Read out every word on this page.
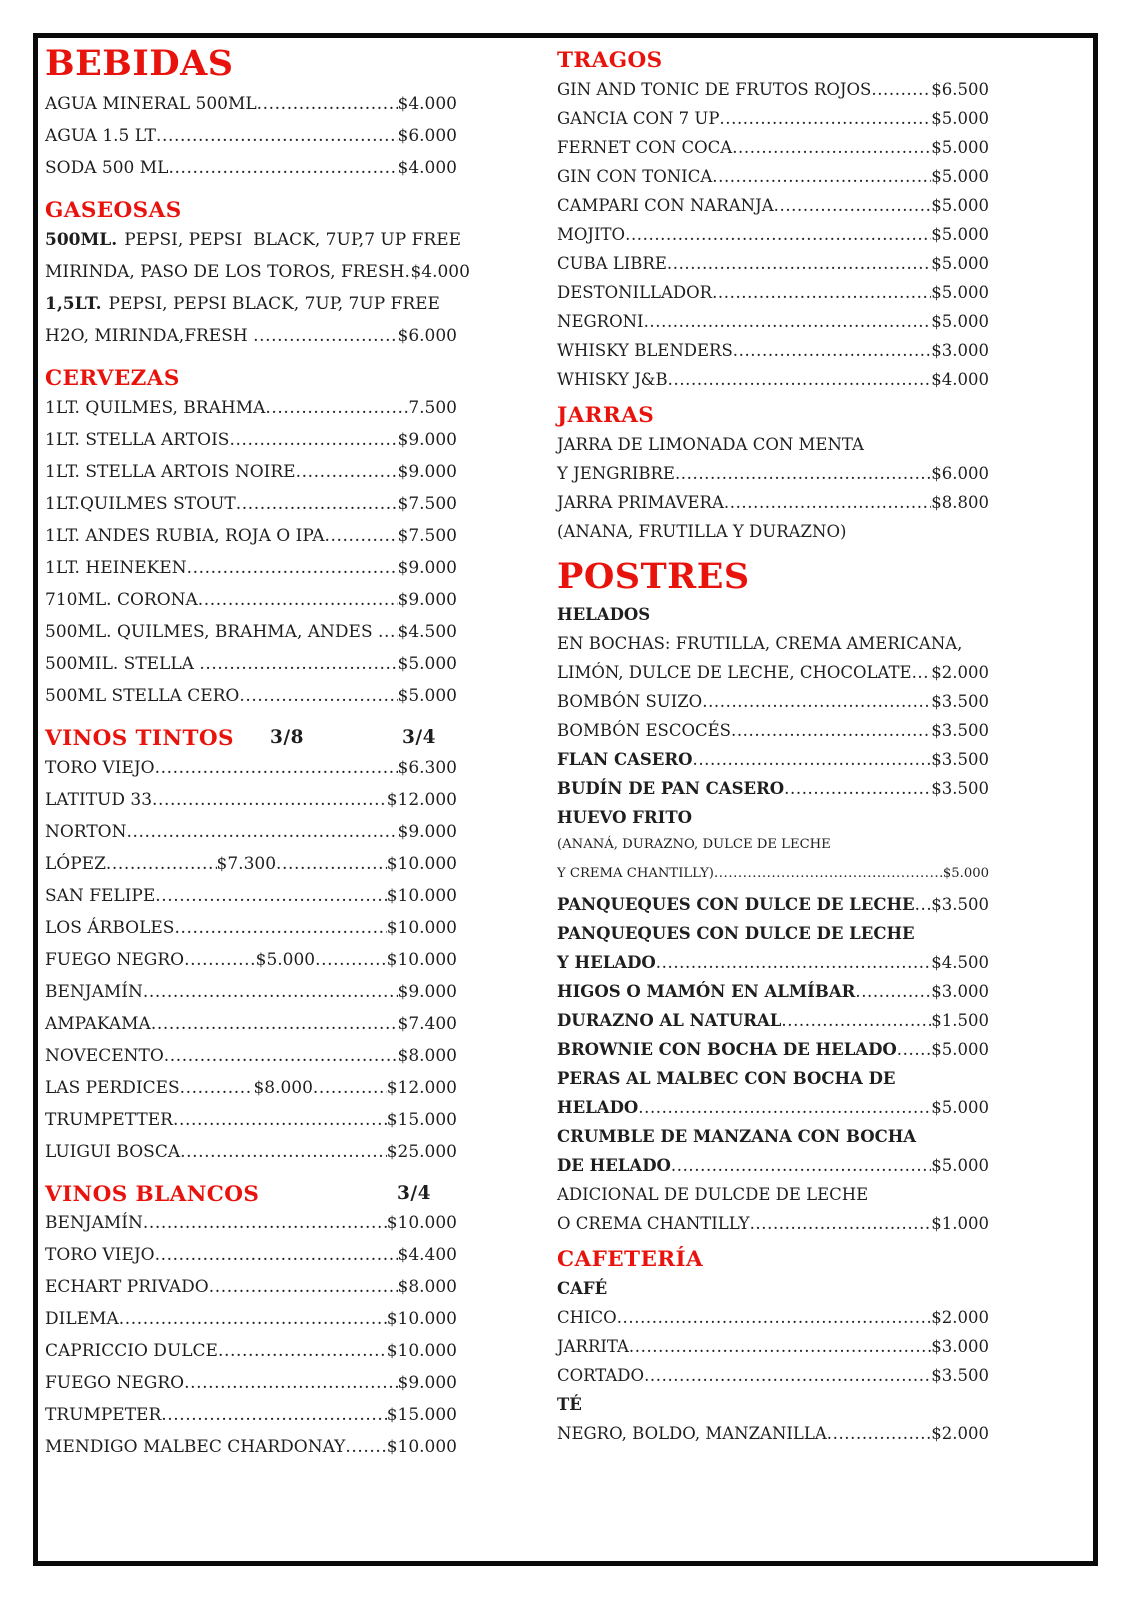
BEBIDAS
AGUA MINERAL 500ML .....	$4.000
AGUA 1.5 LT .....	$6.000
SODA 500 ML .....	$4.000
GASEOSAS
500ML. PEPSI, PEPSI  BLACK, 7UP,7 UP FREE
MIRINDA, PASO DE LOS TOROS, FRESH ..... $4.000
1,5LT. PEPSI, PEPSI BLACK, 7UP, 7UP FREE
H2O, MIRINDA,FRESH .....	$6.000
CERVEZAS
1LT. QUILMES, BRAHMA .....	7.500
1LT. STELLA ARTOIS .....	$9.000
1LT. STELLA ARTOIS NOIRE .....	$9.000
1LT.QUILMES STOUT .....	$7.500
1LT. ANDES RUBIA, ROJA O IPA .....	$7.500
1LT. HEINEKEN .....	$9.000
710ML. CORONA .....	$9.000
500ML. QUILMES, BRAHMA, ANDES ..... $4.500
500MIL. STELLA .....	$5.000
500ML STELLA CERO .....	$5.000
VINOS TINTOS 3/8	3/4
TORO VIEJO .....	$6.300
LATITUD 33 .....	$12.000
NORTON .....	$9.000
LÓPEZ .....	$7.300 .....	$10.000
SAN FELIPE .....	$10.000
LOS ÁRBOLES .....	$10.000
FUEGO NEGRO .....	$5.000 .....	$10.000
BENJAMÍN .....	$9.000
AMPAKAMA .....	$7.400
NOVECENTO .....	$8.000
LAS PERDICES .....	$8.000 .....	$12.000
TRUMPETTER .....	$15.000
LUIGUI BOSCA .....	$25.000
VINOS BLANCOS	3/4
BENJAMÍN .....	$10.000
TORO VIEJO .....	$4.400
ECHART PRIVADO .....	$8.000
DILEMA .....	$10.000
CAPRICCIO DULCE .....	$10.000
FUEGO NEGRO .....	$9.000
TRUMPETER .....	$15.000
MENDIGO MALBEC CHARDONAY ..... $10.000
TRAGOS
GIN AND TONIC DE FRUTOS ROJOS .....	$6.500
GANCIA CON 7 UP .....	$5.000
FERNET CON COCA .....	$5.000
GIN CON TONICA .....	$5.000
CAMPARI CON NARANJA .....	$5.000
MOJITO .....	$5.000
CUBA LIBRE .....	$5.000
DESTONILLADOR .....	$5.000
NEGRONI .....	$5.000
WHISKY BLENDERS .....	$3.000
WHISKY J&B .....	$4.000
JARRAS
JARRA DE LIMONADA CON MENTA
Y JENGRIBRE .....	$6.000
JARRA PRIMAVERA .....	$8.800
(ANANA, FRUTILLA Y DURAZNO)
POSTRES
HELADOS
EN BOCHAS: FRUTILLA, CREMA AMERICANA,
LIMÓN, DULCE DE LECHE, CHOCOLATE ..... $2.000
BOMBÓN SUIZO .....	$3.500
BOMBÓN ESCOCÉS .....	$3.500
FLAN CASERO .....	$3.500
BUDÍN DE PAN CASERO .....	$3.500
HUEVO FRITO
(ANANÁ, DURAZNO, DULCE DE LECHE
Y CREMA CHANTILLY) .....	$5.000
PANQUEQUES CON DULCE DE LECHE ..... $3.500
PANQUEQUES CON DULCE DE LECHE
Y HELADO .....	$4.500
HIGOS O MAMÓN EN ALMÍBAR .....	$3.000
DURAZNO AL NATURAL .....	$1.500
BROWNIE CON BOCHA DE HELADO ..... $5.000
PERAS AL MALBEC CON BOCHA DE
HELADO .....	$5.000
CRUMBLE DE MANZANA CON BOCHA
DE HELADO .....	$5.000
ADICIONAL DE DULCDE DE LECHE
O CREMA CHANTILLY .....	$1.000
CAFETERÍA
CAFÉ
CHICO .....	$2.000
JARRITA .....	$3.000
CORTADO .....	$3.500
TÉ
NEGRO, BOLDO, MANZANILLA .....	$2.000
